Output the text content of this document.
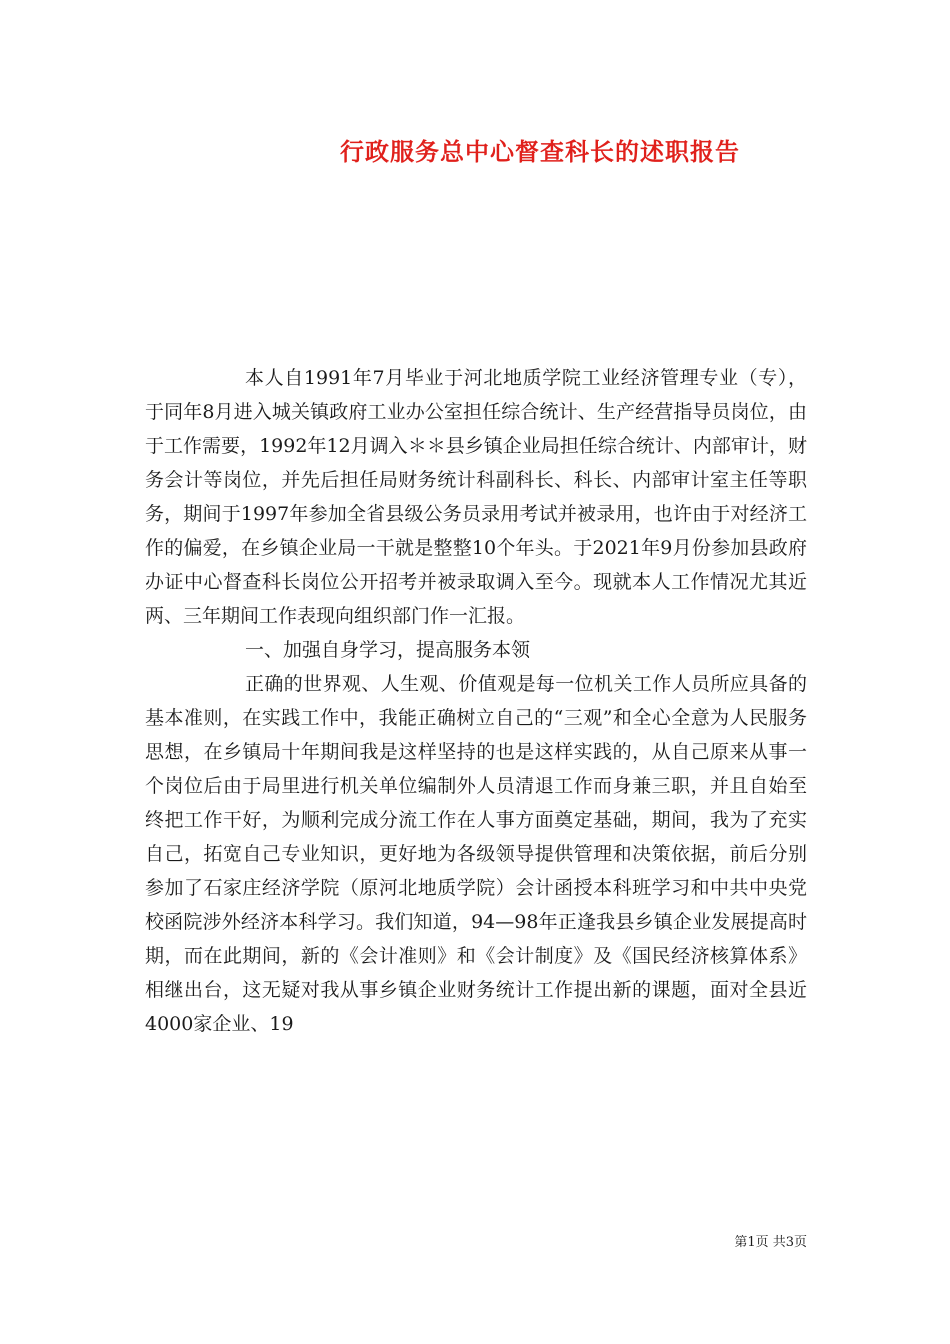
行政服务总中心督查科长的述职报告

本人自1991年7月毕业于河北地质学院工业经济管理专业（专），于同年8月进入城关镇政府工业办公室担任综合统计、生产经营指导员岗位，由于工作需要，1992年12月调入＊＊县乡镇企业局担任综合统计、内部审计，财务会计等岗位，并先后担任局财务统计科副科长、科长、内部审计室主任等职务，期间于1997年参加全省县级公务员录用考试并被录用，也许由于对经济工作的偏爱，在乡镇企业局一干就是整整10个年头。于2021年9月份参加县政府办证中心督查科长岗位公开招考并被录取调入至今。现就本人工作情况尤其近两、三年期间工作表现向组织部门作一汇报。

一、加强自身学习，提高服务本领

正确的世界观、人生观、价值观是每一位机关工作人员所应具备的基本准则，在实践工作中，我能正确树立自己的“三观”和全心全意为人民服务思想，在乡镇局十年期间我是这样坚持的也是这样实践的，从自己原来从事一个岗位后由于局里进行机关单位编制外人员清退工作而身兼三职，并且自始至终把工作干好，为顺利完成分流工作在人事方面奠定基础，期间，我为了充实自己，拓宽自己专业知识，更好地为各级领导提供管理和决策依据，前后分别参加了石家庄经济学院（原河北地质学院）会计函授本科班学习和中共中央党校函院涉外经济本科学习。我们知道，94—98年正逢我县乡镇企业发展提高时期，而在此期间，新的《会计准则》和《会计制度》及《国民经济核算体系》相继出台，这无疑对我从事乡镇企业财务统计工作提出新的课题，面对全县近4000家企业、19

第1页 共3页
